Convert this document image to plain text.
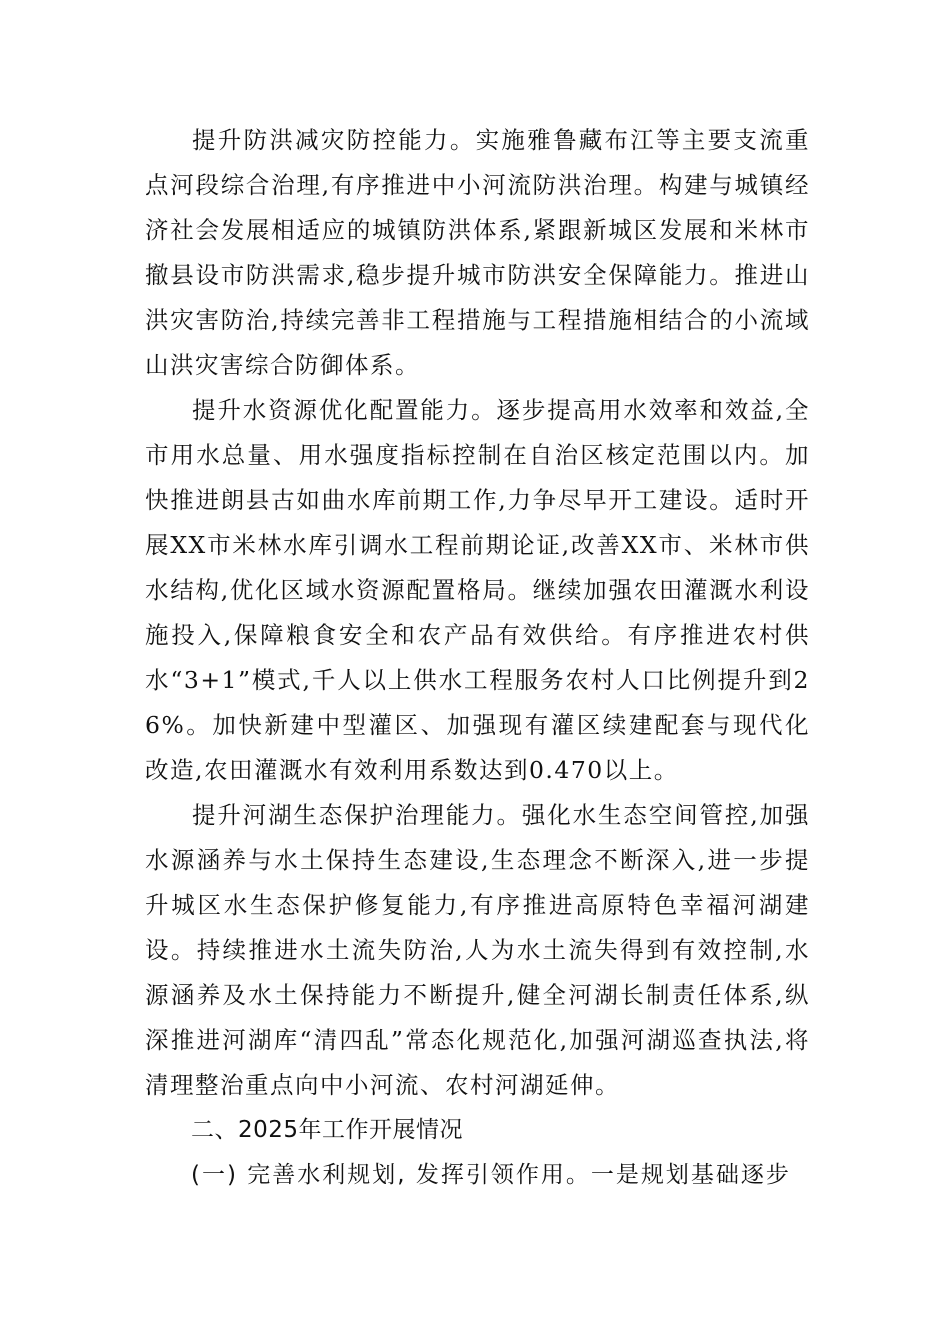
提升防洪减灾防控能力。实施雅鲁藏布江等主要支流重点河段综合治理,有序推进中小河流防洪治理。构建与城镇经济社会发展相适应的城镇防洪体系,紧跟新城区发展和米林市撤县设市防洪需求,稳步提升城市防洪安全保障能力。推进山洪灾害防治,持续完善非工程措施与工程措施相结合的小流域山洪灾害综合防御体系。

提升水资源优化配置能力。逐步提高用水效率和效益,全市用水总量、用水强度指标控制在自治区核定范围以内。加快推进朗县古如曲水库前期工作,力争尽早开工建设。适时开展XX市米林水库引调水工程前期论证,改善XX市、米林市供水结构,优化区域水资源配置格局。继续加强农田灌溉水利设施投入,保障粮食安全和农产品有效供给。有序推进农村供水“3+1”模式,千人以上供水工程服务农村人口比例提升到26%。加快新建中型灌区、加强现有灌区续建配套与现代化改造,农田灌溉水有效利用系数达到0.470以上。

提升河湖生态保护治理能力。强化水生态空间管控,加强水源涵养与水土保持生态建设,生态理念不断深入,进一步提升城区水生态保护修复能力,有序推进高原特色幸福河湖建设。持续推进水土流失防治,人为水土流失得到有效控制,水源涵养及水土保持能力不断提升,健全河湖长制责任体系,纵深推进河湖库“清四乱”常态化规范化,加强河湖巡查执法,将清理整治重点向中小河流、农村河湖延伸。

二、2025年工作开展情况

(一) 完善水利规划, 发挥引领作用。一是规划基础逐步
